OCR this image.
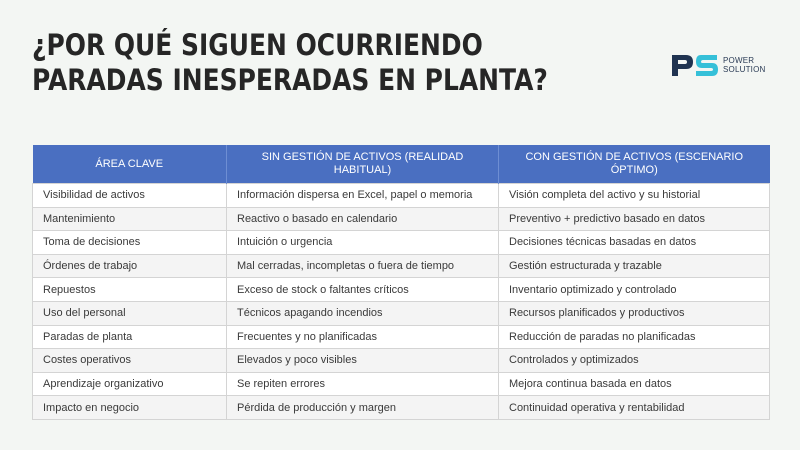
¿POR QUÉ SIGUEN OCURRIENDO
PARADAS INESPERADAS EN PLANTA?
POWER
SOLUTION
ÁREA CLAVE	SIN GESTIÓN DE ACTIVOS (REALIDAD HABITUAL)	CON GESTIÓN DE ACTIVOS (ESCENARIO ÓPTIMO)
Visibilidad de activos	Información dispersa en Excel, papel o memoria	Visión completa del activo y su historial
Mantenimiento	Reactivo o basado en calendario	Preventivo + predictivo basado en datos
Toma de decisiones	Intuición o urgencia	Decisiones técnicas basadas en datos
Órdenes de trabajo	Mal cerradas, incompletas o fuera de tiempo	Gestión estructurada y trazable
Repuestos	Exceso de stock o faltantes críticos	Inventario optimizado y controlado
Uso del personal	Técnicos apagando incendios	Recursos planificados y productivos
Paradas de planta	Frecuentes y no planificadas	Reducción de paradas no planificadas
Costes operativos	Elevados y poco visibles	Controlados y optimizados
Aprendizaje organizativo	Se repiten errores	Mejora continua basada en datos
Impacto en negocio	Pérdida de producción y margen	Continuidad operativa y rentabilidad
